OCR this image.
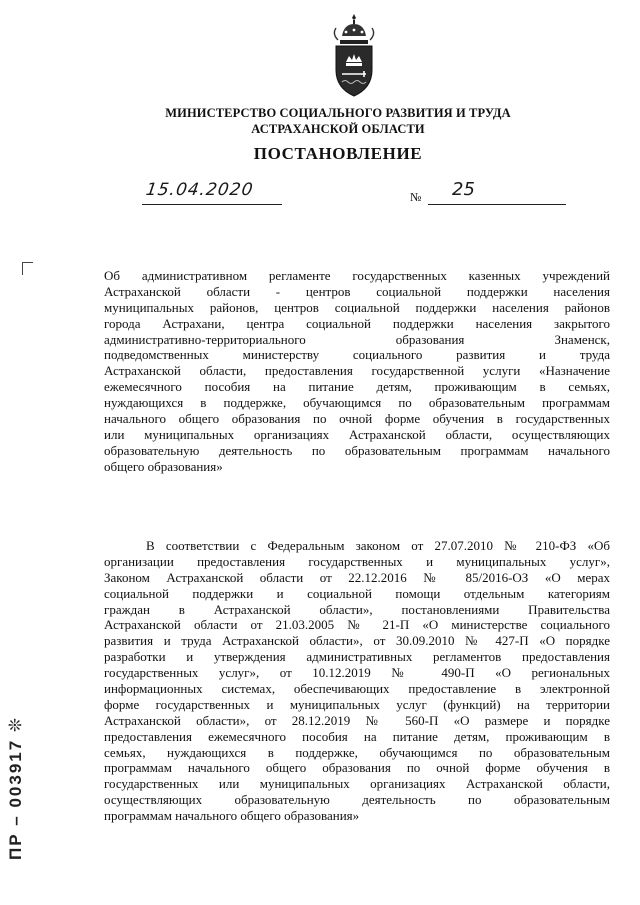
МИНИСТЕРСТВО СОЦИАЛЬНОГО РАЗВИТИЯ И ТРУДА
АСТРАХАНСКОЙ ОБЛАСТИ
ПОСТАНОВЛЕНИЕ
15.04.2020	№ 25
Об административном регламенте государственных казенных учреждений
Астраханской области - центров социальной поддержки населения
муниципальных районов, центров социальной поддержки населения районов
города Астрахани, центра социальной поддержки населения закрытого
административно-территориального образования Знаменск,
подведомственных министерству социального развития и труда
Астраханской области, предоставления государственной услуги «Назначение
ежемесячного пособия на питание детям, проживающим в семьях,
нуждающихся в поддержке, обучающимся по образовательным программам
начального общего образования по очной форме обучения в государственных
или муниципальных организациях Астраханской области, осуществляющих
образовательную деятельность по образовательным программам начального
общего образования»
В соответствии с Федеральным законом от 27.07.2010 № 210-ФЗ «Об
организации предоставления государственных и муниципальных услуг»,
Законом Астраханской области от 22.12.2016 № 85/2016-ОЗ «О мерах
социальной поддержки и социальной помощи отдельным категориям
граждан в Астраханской области», постановлениями Правительства
Астраханской области от 21.03.2005 № 21-П «О министерстве социального
развития и труда Астраханской области», от 30.09.2010 № 427-П «О порядке
разработки и утверждения административных регламентов предоставления
государственных услуг», от 10.12.2019 № 490-П «О региональных
информационных системах, обеспечивающих предоставление в электронной
форме государственных и муниципальных услуг (функций) на территории
Астраханской области», от 28.12.2019 № 560-П «О размере и порядке
предоставления ежемесячного пособия на питание детям, проживающим в
семьях, нуждающихся в поддержке, обучающимся по образовательным
программам начального общего образования по очной форме обучения в
государственных или муниципальных организациях Астраханской области,
осуществляющих образовательную деятельность по образовательным
программам начального общего образования»
ПР – 003917 ❊
